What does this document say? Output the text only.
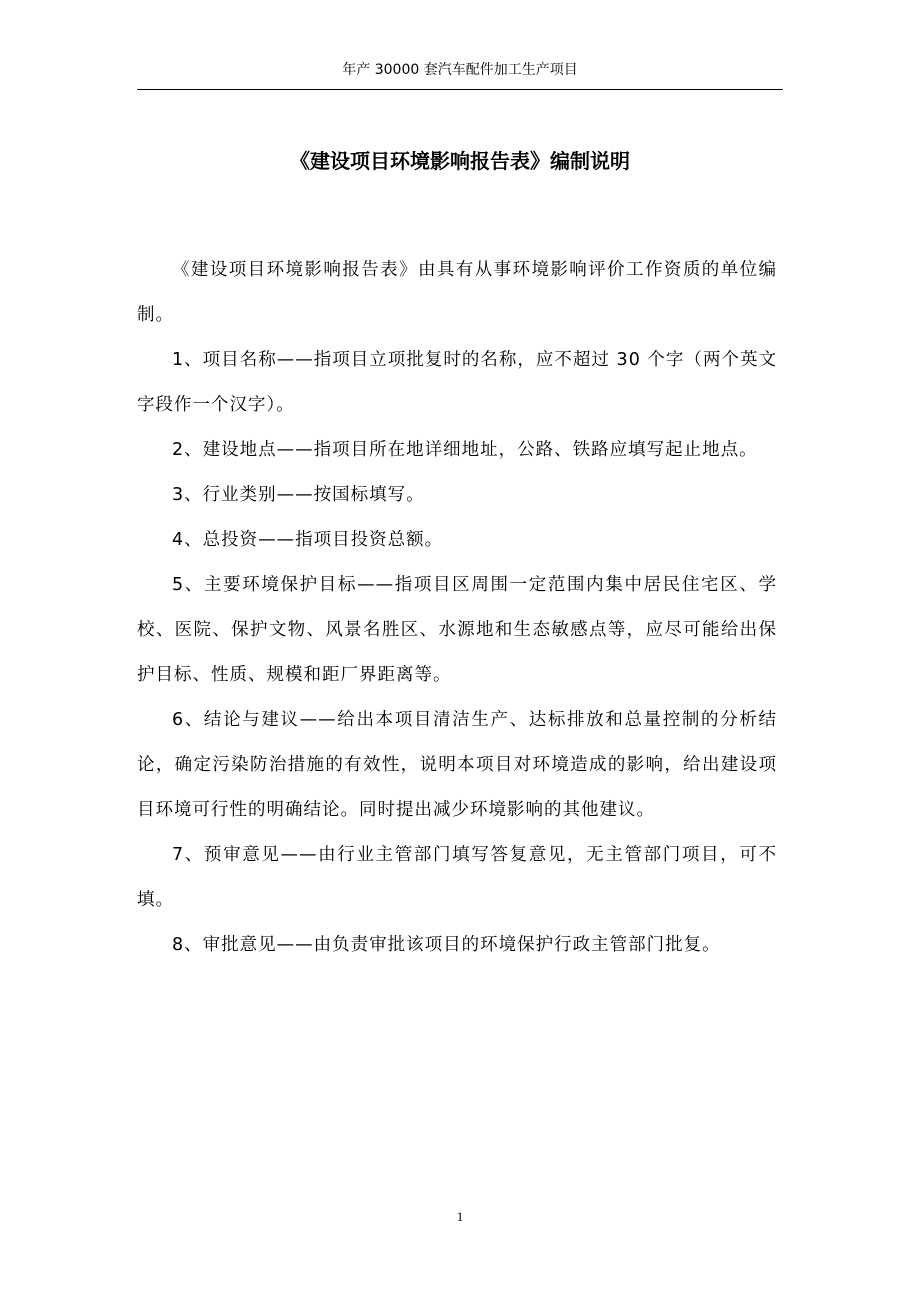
年产 30000 套汽车配件加工生产项目
《建设项目环境影响报告表》编制说明

《建设项目环境影响报告表》由具有从事环境影响评价工作资质的单位编制。

1、项目名称——指项目立项批复时的名称，应不超过 30 个字（两个英文字段作一个汉字）。

2、建设地点——指项目所在地详细地址，公路、铁路应填写起止地点。

3、行业类别——按国标填写。

4、总投资——指项目投资总额。

5、主要环境保护目标——指项目区周围一定范围内集中居民住宅区、学校、医院、保护文物、风景名胜区、水源地和生态敏感点等，应尽可能给出保护目标、性质、规模和距厂界距离等。

6、结论与建议——给出本项目清洁生产、达标排放和总量控制的分析结论，确定污染防治措施的有效性，说明本项目对环境造成的影响，给出建设项目环境可行性的明确结论。同时提出减少环境影响的其他建议。

7、预审意见——由行业主管部门填写答复意见，无主管部门项目，可不填。

8、审批意见——由负责审批该项目的环境保护行政主管部门批复。

1
